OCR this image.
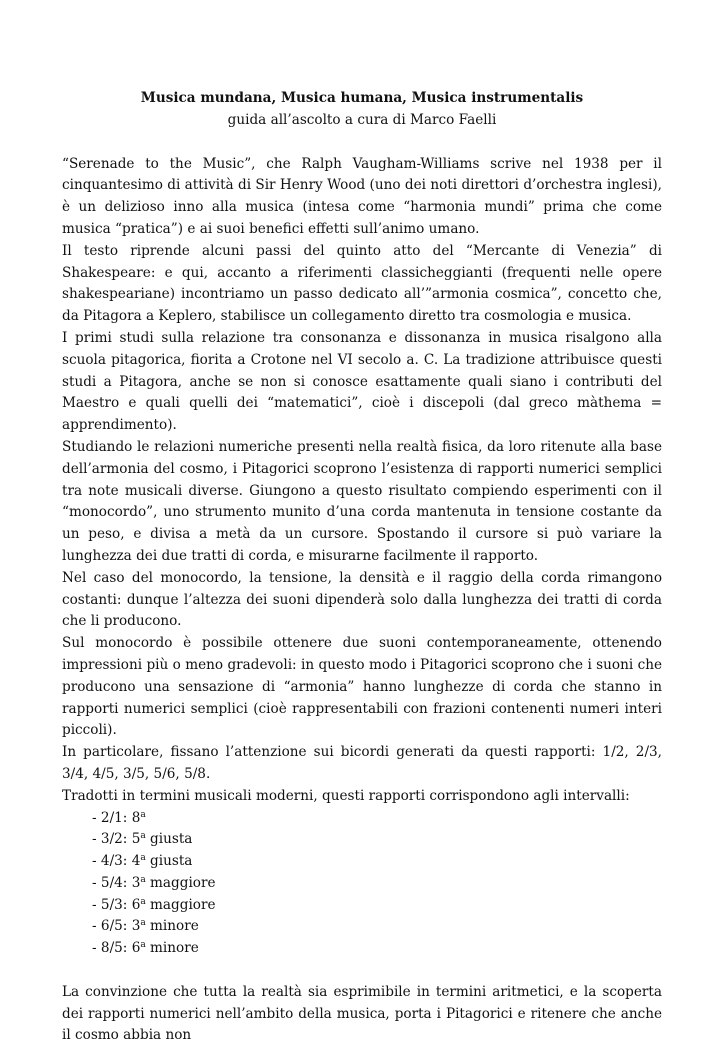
Musica mundana, Musica humana, Musica instrumentalis

guida all’ascolto a cura di Marco Faelli

“Serenade to the Music”, che Ralph Vaugham-Williams scrive nel 1938 per il cinquantesimo di attività di Sir Henry Wood (uno dei noti direttori d’orchestra inglesi), è un delizioso inno alla musica (intesa come “harmonia mundi” prima che come musica “pratica”) e ai suoi benefici effetti sull’animo umano.

Il testo riprende alcuni passi del quinto atto del “Mercante di Venezia” di Shakespeare: e qui, accanto a riferimenti classicheggianti (frequenti nelle opere shakespeariane) incontriamo un passo dedicato all’”armonia cosmica”, concetto che, da Pitagora a Keplero, stabilisce un collegamento diretto tra cosmologia e musica.

I primi studi sulla relazione tra consonanza e dissonanza in musica risalgono alla scuola pitagorica, fiorita a Crotone nel VI secolo a. C. La tradizione attribuisce questi studi a Pitagora, anche se non si conosce esattamente quali siano i contributi del Maestro e quali quelli dei “matematici”, cioè i discepoli (dal greco màthema = apprendimento).

Studiando le relazioni numeriche presenti nella realtà fisica, da loro ritenute alla base dell’armonia del cosmo, i Pitagorici scoprono l’esistenza di rapporti numerici semplici tra note musicali diverse. Giungono a questo risultato compiendo esperimenti con il “monocordo”, uno strumento munito d’una corda mantenuta in tensione costante da un peso, e divisa a metà da un cursore. Spostando il cursore si può variare la lunghezza dei due tratti di corda, e misurarne facilmente il rapporto.

Nel caso del monocordo, la tensione, la densità e il raggio della corda rimangono costanti: dunque l’altezza dei suoni dipenderà solo dalla lunghezza dei tratti di corda che li producono.

Sul monocordo è possibile ottenere due suoni contemporaneamente, ottenendo impressioni più o meno gradevoli: in questo modo i Pitagorici scoprono che i suoni che producono una sensazione di “armonia” hanno lunghezze di corda che stanno in rapporti numerici semplici (cioè rappresentabili con frazioni contenenti numeri interi piccoli).

In particolare, fissano l’attenzione sui bicordi generati da questi rapporti: 1/2, 2/3, 3/4, 4/5, 3/5, 5/6, 5/8.

Tradotti in termini musicali moderni, questi rapporti corrispondono agli intervalli:

- 2/1: 8$^a$
- 3/2: 5$^a$ giusta
- 4/3: 4$^a$ giusta
- 5/4: 3$^a$ maggiore
- 5/3: 6$^a$ maggiore
- 6/5: 3$^a$ minore
- 8/5: 6$^a$ minore

La convinzione che tutta la realtà sia esprimibile in termini aritmetici, e la scoperta dei rapporti numerici nell’ambito della musica, porta i Pitagorici e ritenere che anche il cosmo abbia non
